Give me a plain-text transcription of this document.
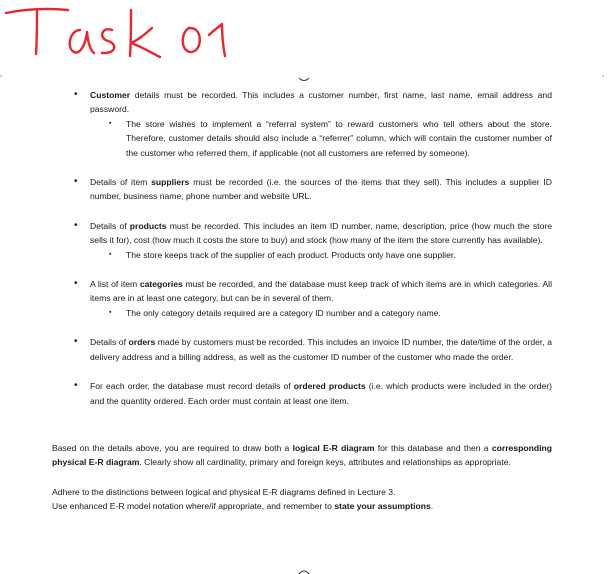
‚	‚
• Customer details must be recorded. This includes a customer number, first name, last name, email address and password.
▪ The store wishes to implement a “referral system” to reward customers who tell others about the store. Therefore, customer details should also include a “referrer” column, which will contain the customer number of the customer who referred them, if applicable (not all customers are referred by someone).
• Details of item suppliers must be recorded (i.e. the sources of the items that they sell). This includes a supplier ID number, business name, phone number and website URL.
• Details of products must be recorded. This includes an item ID number, name, description, price (how much the store sells it for), cost (how much it costs the store to buy) and stock (how many of the item the store currently has available).
▪ The store keeps track of the supplier of each product. Products only have one supplier.
• A list of item categories must be recorded, and the database must keep track of which items are in which categories. All items are in at least one category, but can be in several of them.
▪ The only category details required are a category ID number and a category name.
• Details of orders made by customers must be recorded. This includes an invoice ID number, the date/time of the order, a delivery address and a billing address, as well as the customer ID number of the customer who made the order.
• For each order, the database must record details of ordered products (i.e. which products were included in the order) and the quantity ordered. Each order must contain at least one item.
Based on the details above, you are required to draw both a logical E-R diagram for this database and then a corresponding physical E-R diagram. Clearly show all cardinality, primary and foreign keys, attributes and relationships as appropriate.
Adhere to the distinctions between logical and physical E-R diagrams defined in Lecture 3.
Use enhanced E-R model notation where/if appropriate, and remember to state your assumptions.
